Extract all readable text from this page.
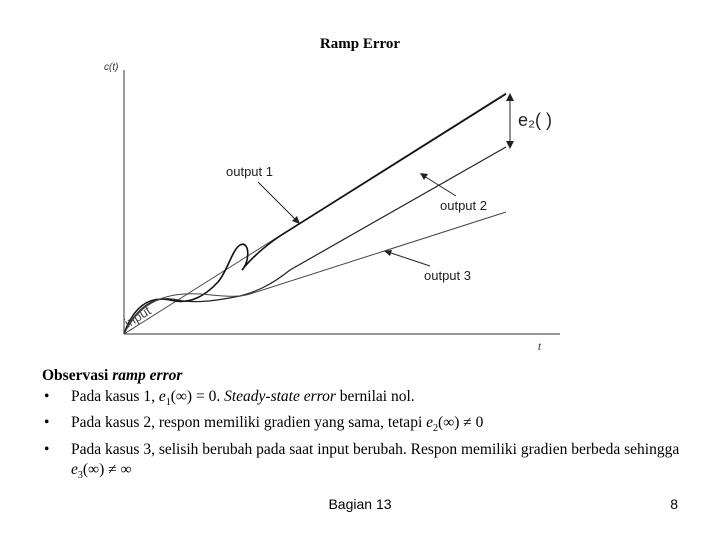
Ramp Error
c(t)
t
e₂( )
output 1
output 2
output 3
input
Observasi ramp error
• Pada kasus 1, $e_1(\infty) = 0$. Steady-state error bernilai nol.
• Pada kasus 2, respon memiliki gradien yang sama, tetapi $e_2(\infty) \ne 0$
• Pada kasus 3, selisih berubah pada saat input berubah. Respon memiliki gradien berbeda sehingga $e_3(\infty)$ ≠ ∞
Bagian 13	8
